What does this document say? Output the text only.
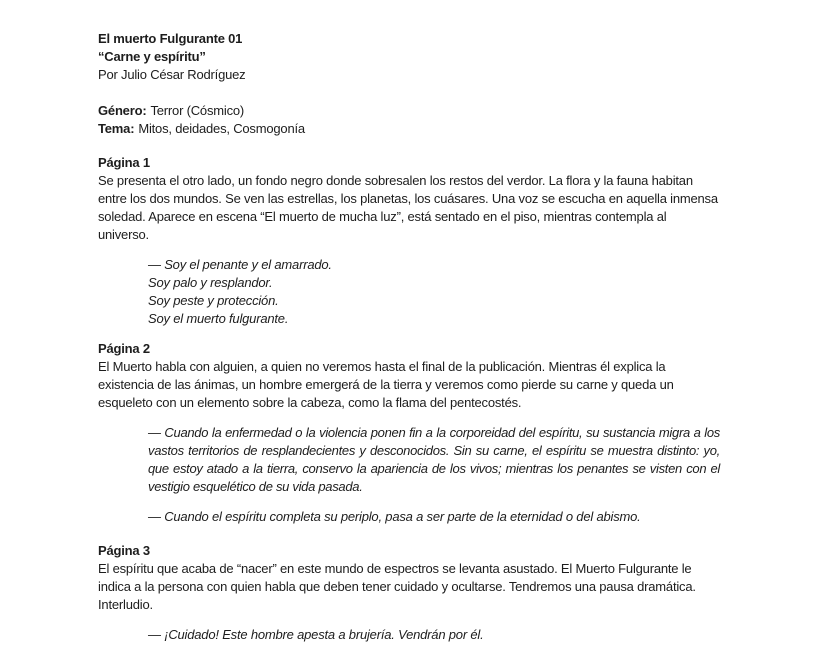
El muerto Fulgurante 01

“Carne y espíritu”

Por Julio César Rodríguez

Género: Terror (Cósmico)

Tema: Mitos, deidades, Cosmogonía

Página 1

Se presenta el otro lado, un fondo negro donde sobresalen los restos del verdor. La flora y la fauna habitan entre los dos mundos. Se ven las estrellas, los planetas, los cuásares. Una voz se escucha en aquella inmensa soledad. Aparece en escena “El muerto de mucha luz”, está sentado en el piso, mientras contempla al universo.

— Soy el penante y el amarrado.

Soy palo y resplandor.

Soy peste y protección.

Soy el muerto fulgurante.

Página 2

El Muerto habla con alguien, a quien no veremos hasta el final de la publicación. Mientras él explica la existencia de las ánimas, un hombre emergerá de la tierra y veremos como pierde su carne y queda un esqueleto con un elemento sobre la cabeza, como la flama del pentecostés.

— Cuando la enfermedad o la violencia ponen fin a la corporeidad del espíritu, su sustancia migra a los vastos territorios de resplandecientes y desconocidos. Sin su carne, el espíritu se muestra distinto: yo, que estoy atado a la tierra, conservo la apariencia de los vivos; mientras los penantes se visten con el vestigio esquelético de su vida pasada.
— Cuando el espíritu completa su periplo, pasa a ser parte de la eternidad o del abismo.
Página 3

El espíritu que acaba de “nacer” en este mundo de espectros se levanta asustado. El Muerto Fulgurante le indica a la persona con quien habla que deben tener cuidado y ocultarse. Tendremos una pausa dramática. Interludio.

— ¡Cuidado! Este hombre apesta a brujería. Vendrán por él.
